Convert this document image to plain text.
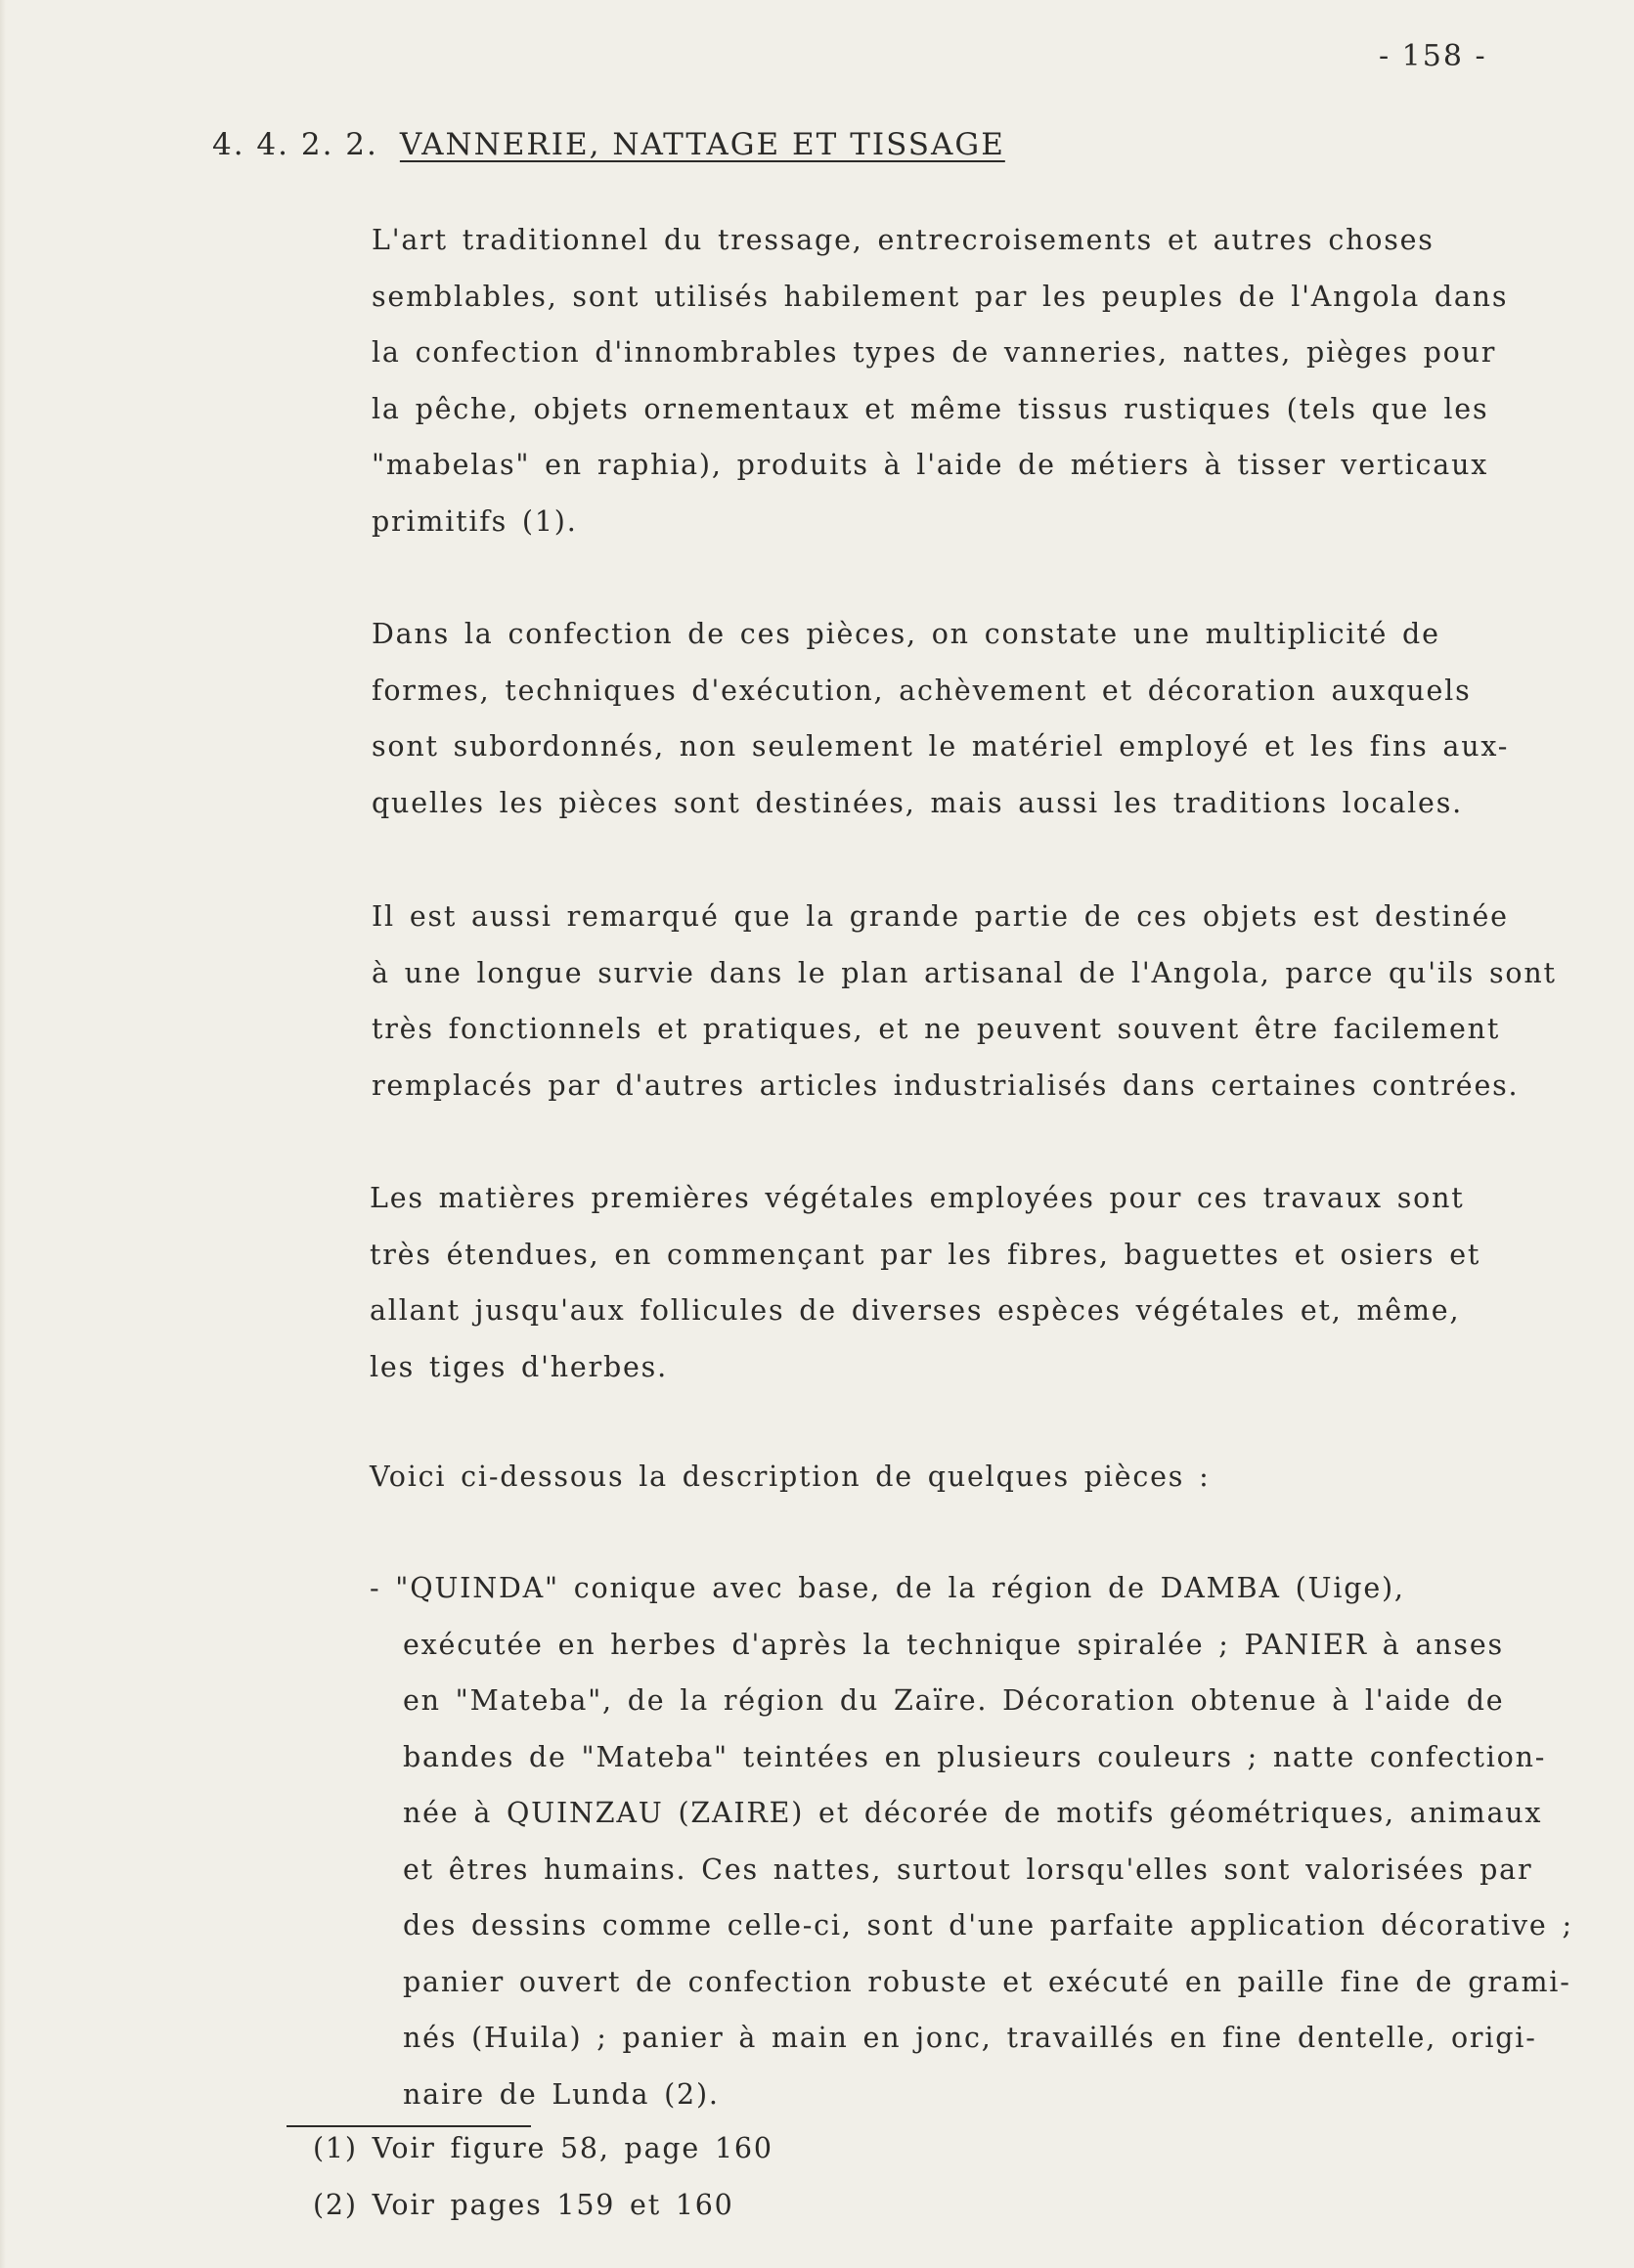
- 158 -
4. 4. 2. 2. VANNERIE, NATTAGE ET TISSAGE
L'art traditionnel du tressage, entrecroisements et autres choses
semblables, sont utilisés habilement par les peuples de l'Angola dans
la confection d'innombrables types de vanneries, nattes, pièges pour
la pêche, objets ornementaux et même tissus rustiques (tels que les
"mabelas" en raphia), produits à l'aide de métiers à tisser verticaux
primitifs (1).
Dans la confection de ces pièces, on constate une multiplicité de
formes, techniques d'exécution, achèvement et décoration auxquels
sont subordonnés, non seulement le matériel employé et les fins aux-
quelles les pièces sont destinées, mais aussi les traditions locales.
Il est aussi remarqué que la grande partie de ces objets est destinée
à une longue survie dans le plan artisanal de l'Angola, parce qu'ils sont
très fonctionnels et pratiques, et ne peuvent souvent être facilement
remplacés par d'autres articles industrialisés dans certaines contrées.
Les matières premières végétales employées pour ces travaux sont
très étendues, en commençant par les fibres, baguettes et osiers et
allant jusqu'aux follicules de diverses espèces végétales et, même,
les tiges d'herbes.
Voici ci-dessous la description de quelques pièces :
- "QUINDA" conique avec base, de la région de DAMBA (Uige),
exécutée en herbes d'après la technique spiralée ; PANIER à anses
en "Mateba", de la région du Zaïre. Décoration obtenue à l'aide de
bandes de "Mateba" teintées en plusieurs couleurs ; natte confection-
née à QUINZAU (ZAIRE) et décorée de motifs géométriques, animaux
et êtres humains. Ces nattes, surtout lorsqu'elles sont valorisées par
des dessins comme celle-ci, sont d'une parfaite application décorative ;
panier ouvert de confection robuste et exécuté en paille fine de grami-
nés (Huila) ; panier à main en jonc, travaillés en fine dentelle, origi-
naire de Lunda (2).
(1) Voir figure 58, page 160
(2) Voir pages 159 et 160
